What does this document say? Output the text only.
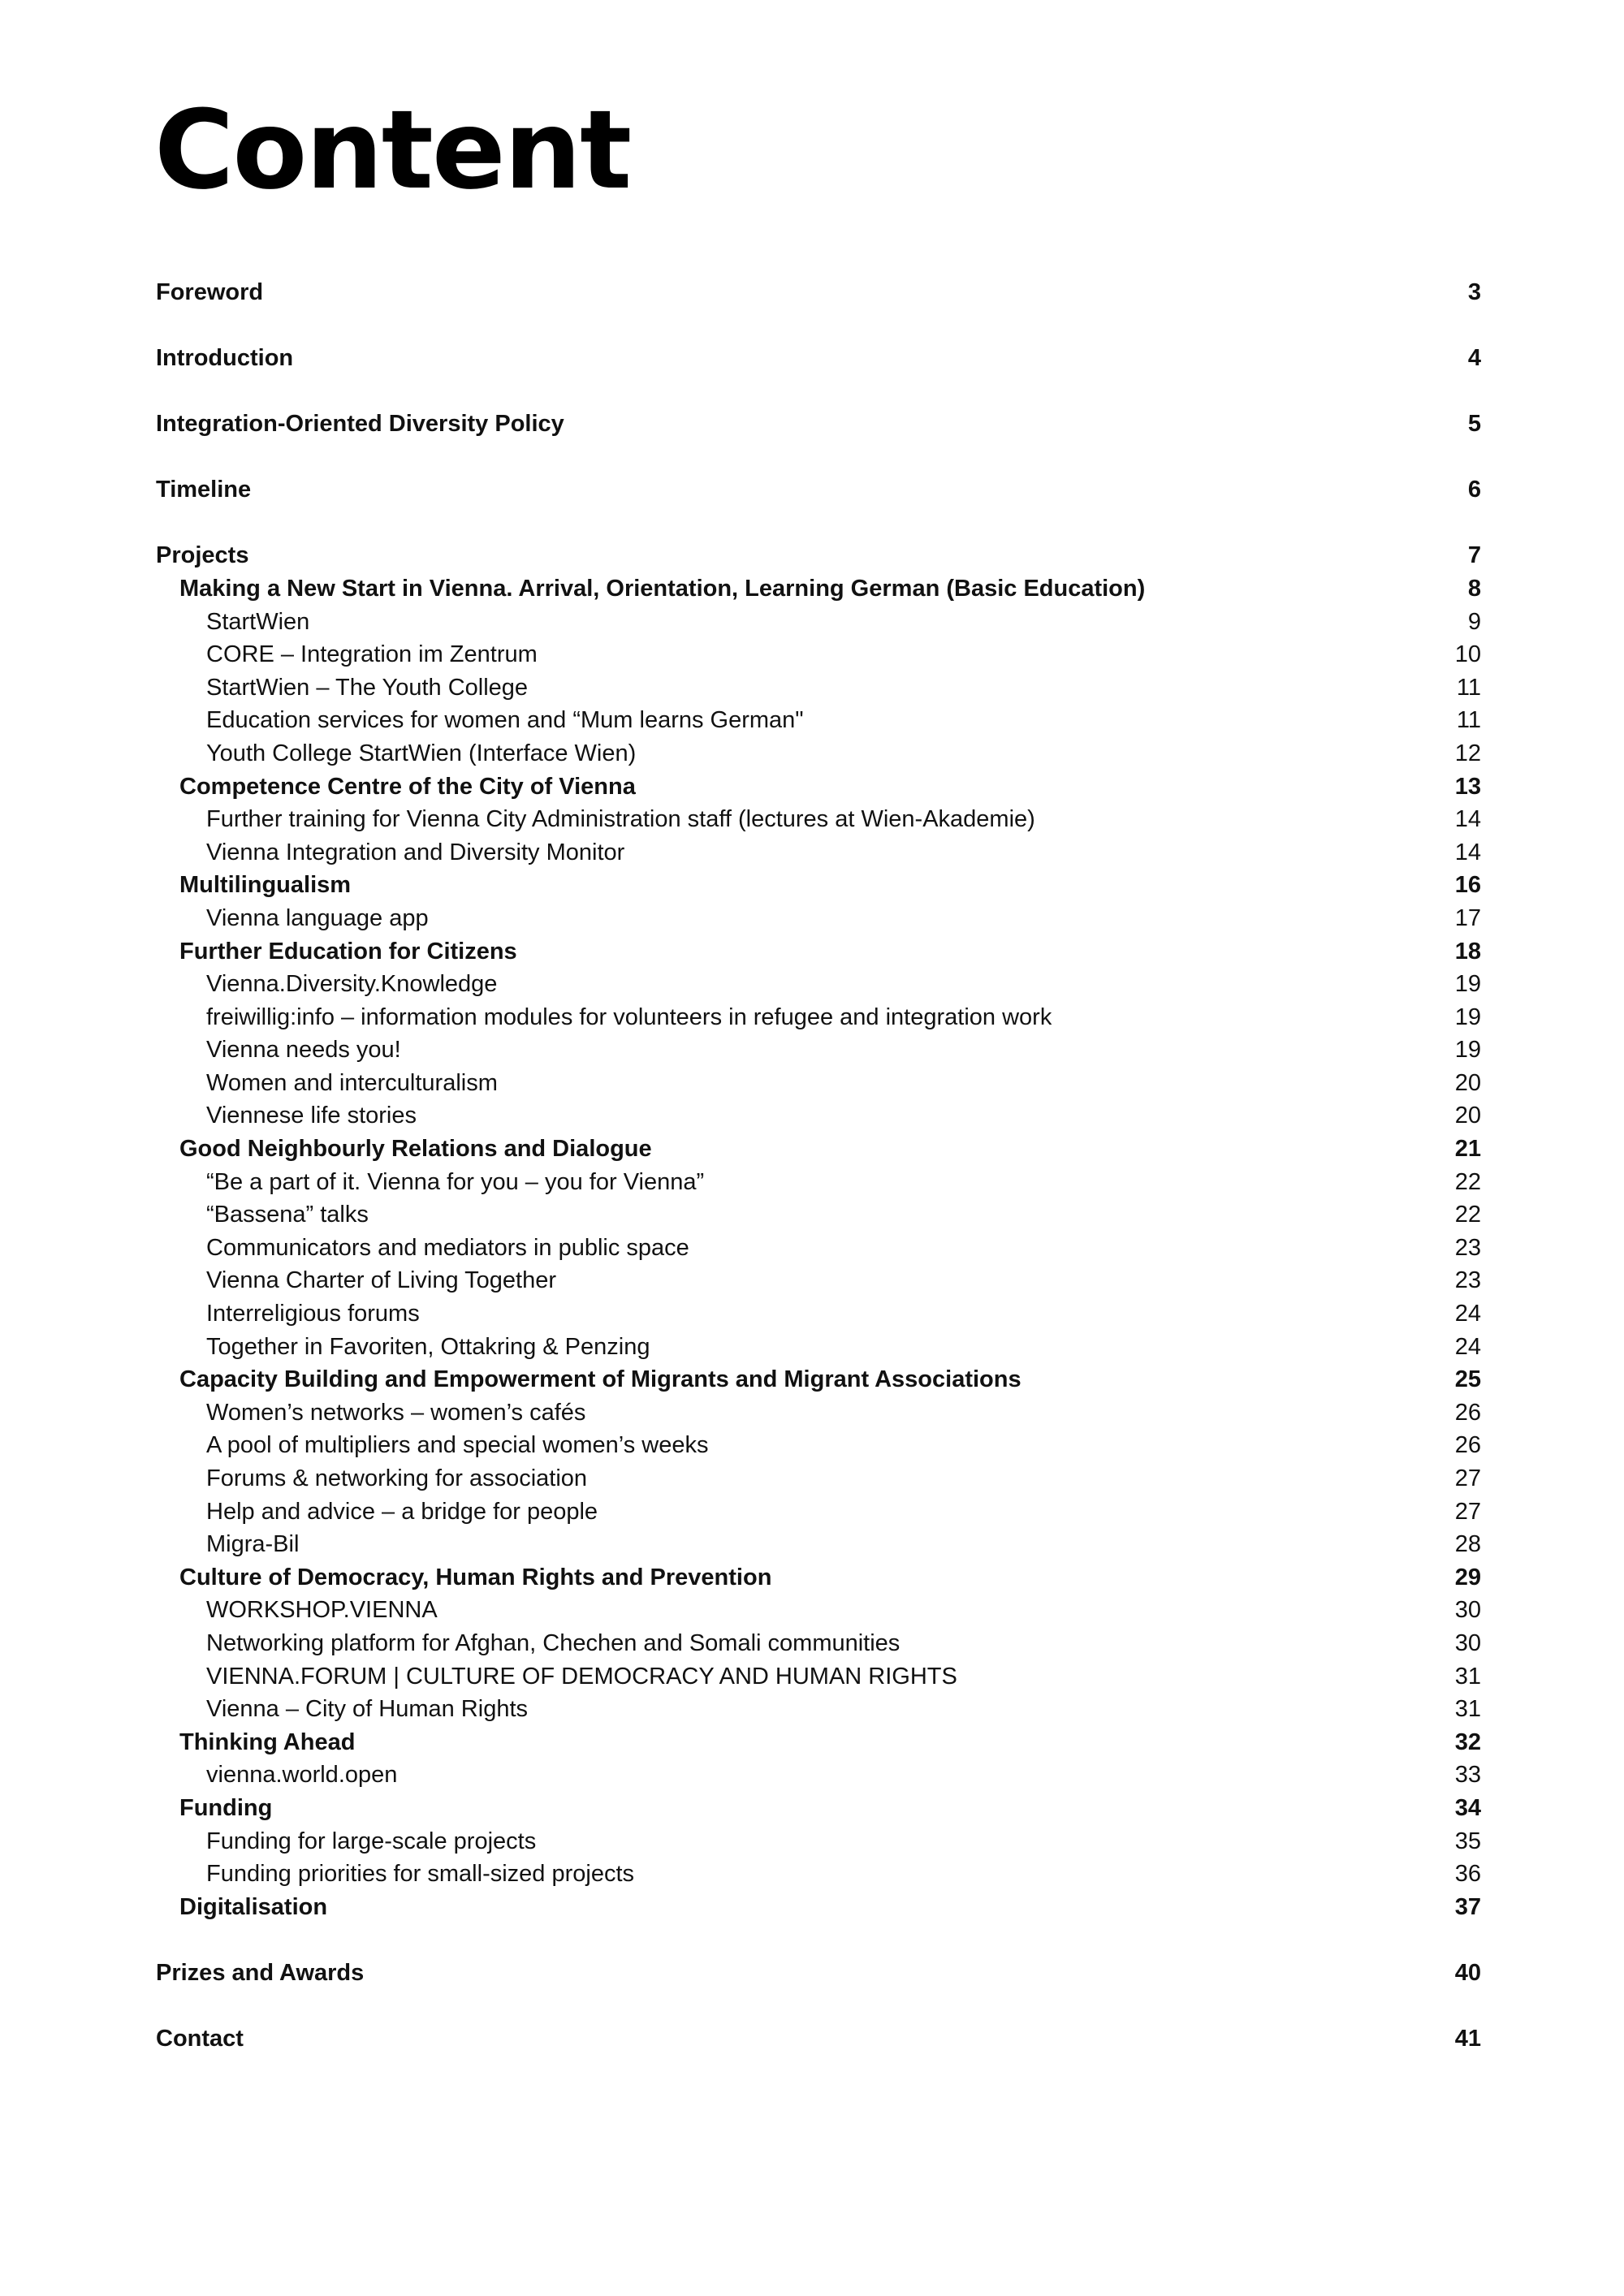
Content
Foreword	3
Introduction	4
Integration-Oriented Diversity Policy	5
Timeline	6
Projects	7
Making a New Start in Vienna. Arrival, Orientation, Learning German (Basic Education)	8
StartWien	9
CORE – Integration im Zentrum	10
StartWien – The Youth College	11
Education services for women and “Mum learns German"	11
Youth College StartWien (Interface Wien)	12
Competence Centre of the City of Vienna	13
Further training for Vienna City Administration staff (lectures at Wien-Akademie)	14
Vienna Integration and Diversity Monitor	14
Multilingualism	16
Vienna language app	17
Further Education for Citizens	18
Vienna.Diversity.Knowledge	19
freiwillig:info – information modules for volunteers in refugee and integration work	19
Vienna needs you!	19
Women and interculturalism	20
Viennese life stories	20
Good Neighbourly Relations and Dialogue	21
“Be a part of it. Vienna for you – you for Vienna”	22
“Bassena” talks	22
Communicators and mediators in public space	23
Vienna Charter of Living Together	23
Interreligious forums	24
Together in Favoriten, Ottakring & Penzing	24
Capacity Building and Empowerment of Migrants and Migrant Associations	25
Women’s networks – women’s cafés	26
A pool of multipliers and special women’s weeks	26
Forums & networking for association	27
Help and advice – a bridge for people	27
Migra-Bil	28
Culture of Democracy, Human Rights and Prevention	29
WORKSHOP.VIENNA	30
Networking platform for Afghan, Chechen and Somali communities	30
VIENNA.FORUM | CULTURE OF DEMOCRACY AND HUMAN RIGHTS	31
Vienna – City of Human Rights	31
Thinking Ahead	32
vienna.world.open	33
Funding	34
Funding for large-scale projects	35
Funding priorities for small-sized projects	36
Digitalisation	37
Prizes and Awards	40
Contact	41
